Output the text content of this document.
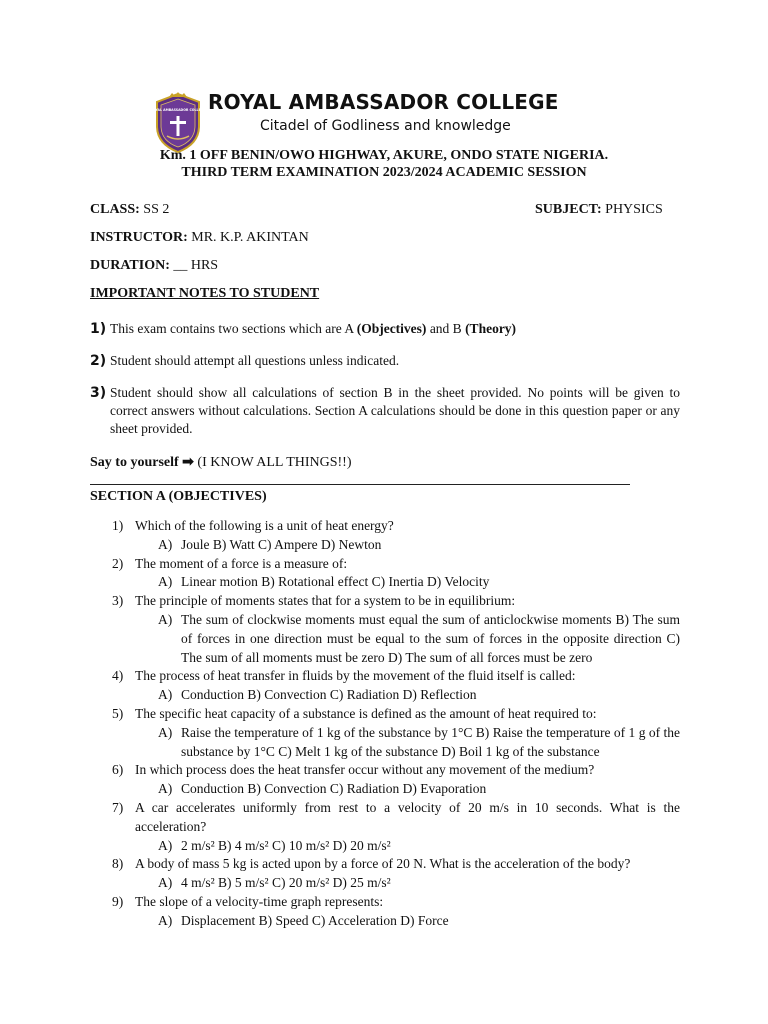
ROYAL AMBASSADOR COLLEGE ROYAL AMBASSADOR COLLEGE
Citadel of Godliness and knowledge
Km. 1 OFF BENIN/OWO HIGHWAY, AKURE, ONDO STATE NIGERIA.
THIRD TERM EXAMINATION 2023/2024 ACADEMIC SESSION
CLASS: SS 2	SUBJECT: PHYSICS
INSTRUCTOR: MR. K.P. AKINTAN
DURATION: __ HRS
IMPORTANT NOTES TO STUDENT
1) This exam contains two sections which are A (Objectives) and B (Theory)
2) Student should attempt all questions unless indicated.
3) Student should show all calculations of section B in the sheet provided. No points will be given to correct answers without calculations. Section A calculations should be done in this question paper or any sheet provided.
Say to yourself ➡ (I KNOW ALL THINGS!!)
SECTION A (OBJECTIVES)
1) Which of the following is a unit of heat energy?
A) Joule B) Watt C) Ampere D) Newton
2) The moment of a force is a measure of:
A) Linear motion B) Rotational effect C) Inertia D) Velocity
3) The principle of moments states that for a system to be in equilibrium:
A) The sum of clockwise moments must equal the sum of anticlockwise moments B) The sum of forces in one direction must be equal to the sum of forces in the opposite direction C) The sum of all moments must be zero D) The sum of all forces must be zero
4) The process of heat transfer in fluids by the movement of the fluid itself is called:
A) Conduction B) Convection C) Radiation D) Reflection
5) The specific heat capacity of a substance is defined as the amount of heat required to:
A) Raise the temperature of 1 kg of the substance by 1°C B) Raise the temperature of 1 g of the substance by 1°C C) Melt 1 kg of the substance D) Boil 1 kg of the substance
6) In which process does the heat transfer occur without any movement of the medium?
A) Conduction B) Convection C) Radiation D) Evaporation
7) A car accelerates uniformly from rest to a velocity of 20 m/s in 10 seconds. What is the acceleration?
A) 2 m/s² B) 4 m/s² C) 10 m/s² D) 20 m/s²
8) A body of mass 5 kg is acted upon by a force of 20 N. What is the acceleration of the body?
A) 4 m/s² B) 5 m/s² C) 20 m/s² D) 25 m/s²
9) The slope of a velocity-time graph represents:
A) Displacement B) Speed C) Acceleration D) Force
